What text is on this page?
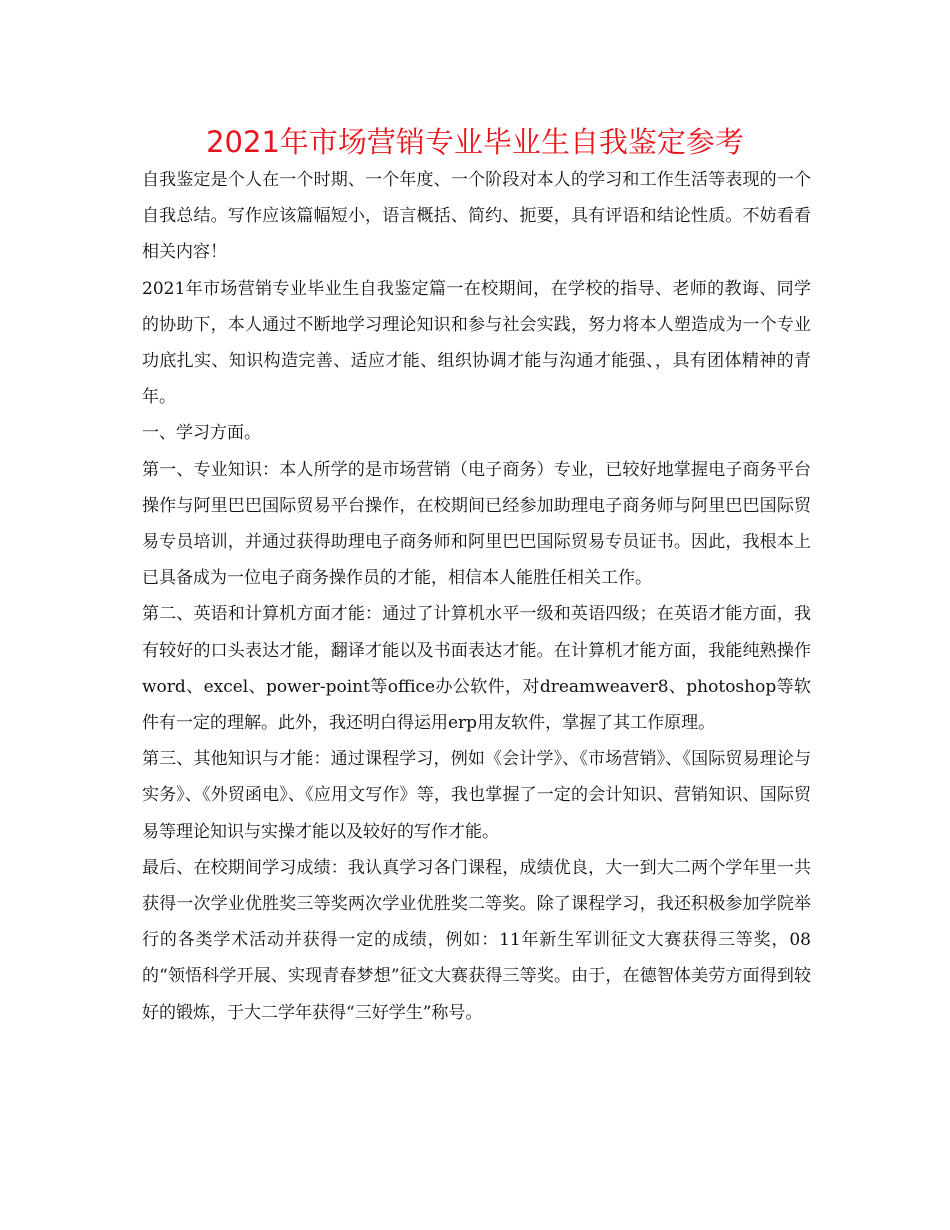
2021年市场营销专业毕业生自我鉴定参考

自我鉴定是个人在一个时期、一个年度、一个阶段对本人的学习和工作生活等表现的一个自我总结。写作应该篇幅短小，语言概括、简约、扼要，具有评语和结论性质。不妨看看相关内容！

2021年市场营销专业毕业生自我鉴定篇一在校期间，在学校的指导、老师的教诲、同学的协助下，本人通过不断地学习理论知识和参与社会实践，努力将本人塑造成为一个专业功底扎实、知识构造完善、适应才能、组织协调才能与沟通才能强、，具有团体精神的青年。

一、学习方面。

第一、专业知识：本人所学的是市场营销（电子商务）专业，已较好地掌握电子商务平台操作与阿里巴巴国际贸易平台操作，在校期间已经参加助理电子商务师与阿里巴巴国际贸易专员培训，并通过获得助理电子商务师和阿里巴巴国际贸易专员证书。因此，我根本上已具备成为一位电子商务操作员的才能，相信本人能胜任相关工作。

第二、英语和计算机方面才能：通过了计算机水平一级和英语四级；在英语才能方面，我有较好的口头表达才能，翻译才能以及书面表达才能。在计算机才能方面，我能纯熟操作word、excel、power-point等office办公软件，对dreamweaver8、photoshop等软件有一定的理解。此外，我还明白得运用erp用友软件，掌握了其工作原理。

第三、其他知识与才能：通过课程学习，例如《会计学》、《市场营销》、《国际贸易理论与实务》、《外贸函电》、《应用文写作》等，我也掌握了一定的会计知识、营销知识、国际贸易等理论知识与实操才能以及较好的写作才能。

最后、在校期间学习成绩：我认真学习各门课程，成绩优良，大一到大二两个学年里一共获得一次学业优胜奖三等奖两次学业优胜奖二等奖。除了课程学习，我还积极参加学院举行的各类学术活动并获得一定的成绩，例如：11年新生军训征文大赛获得三等奖，08的“领悟科学开展、实现青春梦想”征文大赛获得三等奖。由于，在德智体美劳方面得到较好的锻炼，于大二学年获得“三好学生”称号。
